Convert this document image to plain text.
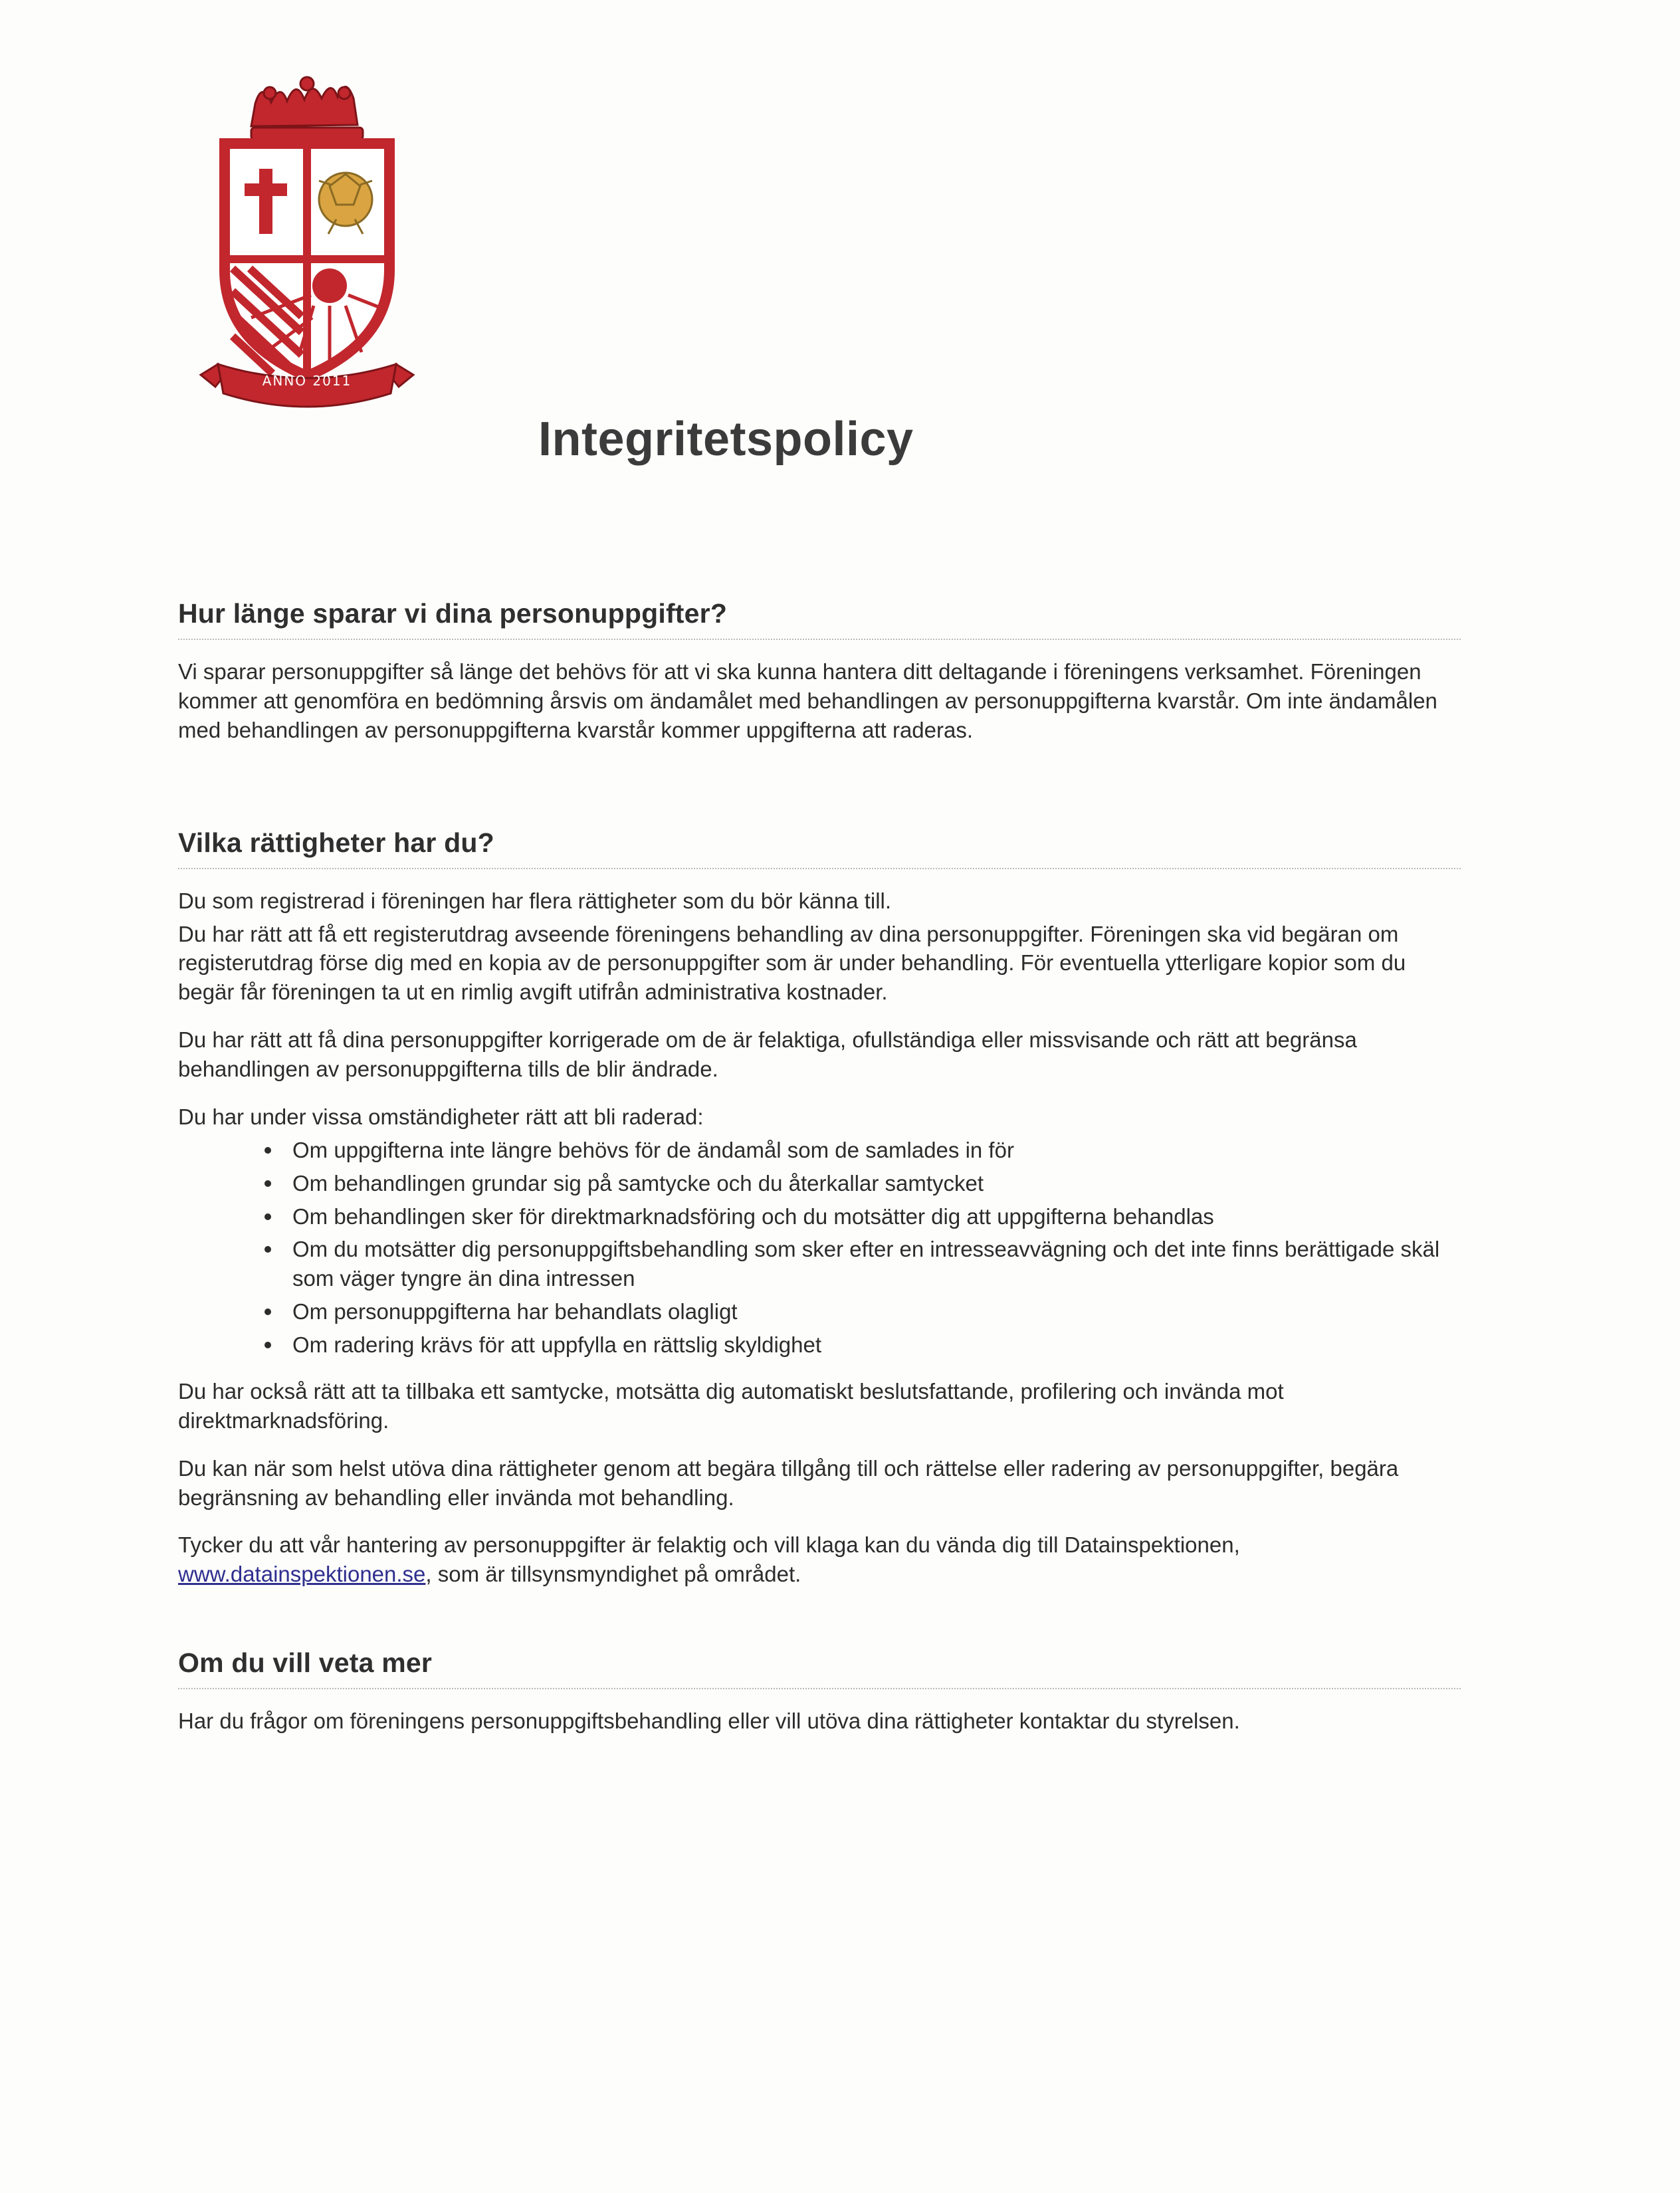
ANNO 2011
Integritetspolicy
Hur länge sparar vi dina personuppgifter?

Vi sparar personuppgifter så länge det behövs för att vi ska kunna hantera ditt deltagande i föreningens verksamhet. Föreningen kommer att genomföra en bedömning årsvis om ändamålet med behandlingen av personuppgifterna kvarstår. Om inte ändamålen med behandlingen av personuppgifterna kvarstår kommer uppgifterna att raderas.

Vilka rättigheter har du?

Du som registrerad i föreningen har flera rättigheter som du bör känna till.

Du har rätt att få ett registerutdrag avseende föreningens behandling av dina personuppgifter. Föreningen ska vid begäran om registerutdrag förse dig med en kopia av de personuppgifter som är under behandling. För eventuella ytterligare kopior som du begär får föreningen ta ut en rimlig avgift utifrån administrativa kostnader.

Du har rätt att få dina personuppgifter korrigerade om de är felaktiga, ofullständiga eller missvisande och rätt att begränsa behandlingen av personuppgifterna tills de blir ändrade.

Du har under vissa omständigheter rätt att bli raderad:

Om uppgifterna inte längre behövs för de ändamål som de samlades in för
Om behandlingen grundar sig på samtycke och du återkallar samtycket
Om behandlingen sker för direktmarknadsföring och du motsätter dig att uppgifterna behandlas
Om du motsätter dig personuppgiftsbehandling som sker efter en intresseavvägning och det inte finns berättigade skäl som väger tyngre än dina intressen
Om personuppgifterna har behandlats olagligt
Om radering krävs för att uppfylla en rättslig skyldighet

Du har också rätt att ta tillbaka ett samtycke, motsätta dig automatiskt beslutsfattande, profilering och invända mot direktmarknadsföring.

Du kan när som helst utöva dina rättigheter genom att begära tillgång till och rättelse eller radering av personuppgifter, begära begränsning av behandling eller invända mot behandling.

Tycker du att vår hantering av personuppgifter är felaktig och vill klaga kan du vända dig till Datainspektionen, www.datainspektionen.se, som är tillsynsmyndighet på området.

Om du vill veta mer

Har du frågor om föreningens personuppgiftsbehandling eller vill utöva dina rättigheter kontaktar du styrelsen.
